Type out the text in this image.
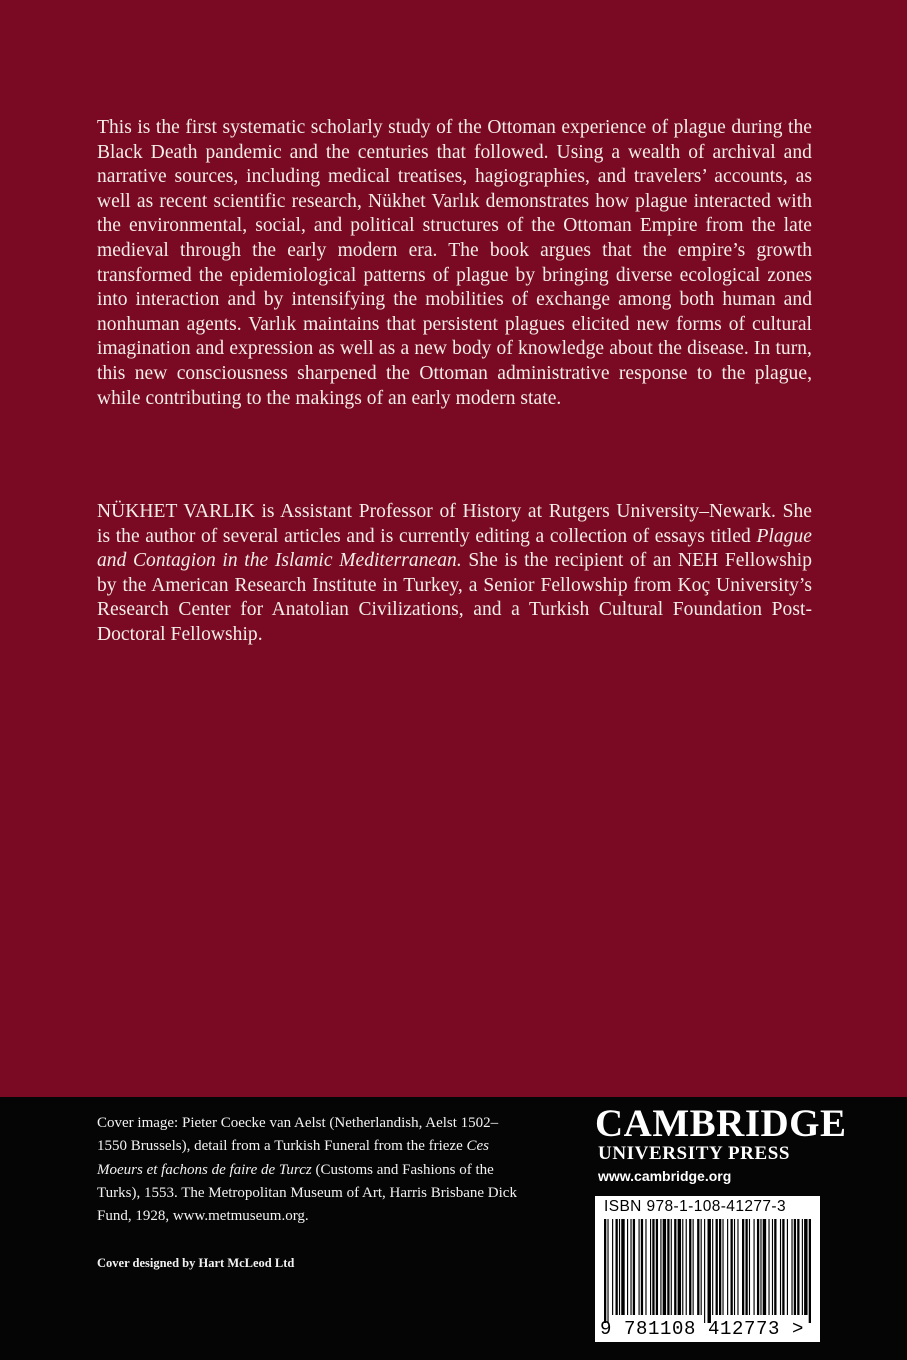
This is the first systematic scholarly study of the Ottoman experience of plague during the Black Death pandemic and the centuries that followed. Using a wealth of archival and narrative sources, including medical treatises, hagiographies, and travelers’ accounts, as well as recent scientific research, Nükhet Varlık demonstrates how plague interacted with the environmental, social, and political structures of the Ottoman Empire from the late medieval through the early modern era. The book argues that the empire’s growth transformed the epidemiological patterns of plague by bringing diverse ecological zones into interaction and by intensifying the mobilities of exchange among both human and nonhuman agents. Varlık maintains that persistent plagues elicited new forms of cultural imagination and expression as well as a new body of knowledge about the disease. In turn, this new consciousness sharpened the Ottoman administrative response to the plague, while contributing to the makings of an early modern state.
NÜKHET VARLIK is Assistant Professor of History at Rutgers University–Newark. She is the author of several articles and is currently editing a collection of essays titled Plague and Contagion in the Islamic Mediterranean. She is the recipient of an NEH Fellowship by the American Research Institute in Turkey, a Senior Fellowship from Koç University’s Research Center for Anatolian Civilizations, and a Turkish Cultural Foundation Post-Doctoral Fellowship.
Cover image: Pieter Coecke van Aelst (Netherlandish, Aelst 1502–1550 Brussels), detail from a Turkish Funeral from the frieze Ces Moeurs et fachons de faire de Turcz (Customs and Fashions of the Turks), 1553. The Metropolitan Museum of Art, Harris Brisbane Dick Fund, 1928, www.metmuseum.org.
Cover designed by Hart McLeod Ltd
CAMBRIDGE
UNIVERSITY PRESS
www.cambridge.org
ISBN 978-1-108-41277-3
9 781108 412773 >
